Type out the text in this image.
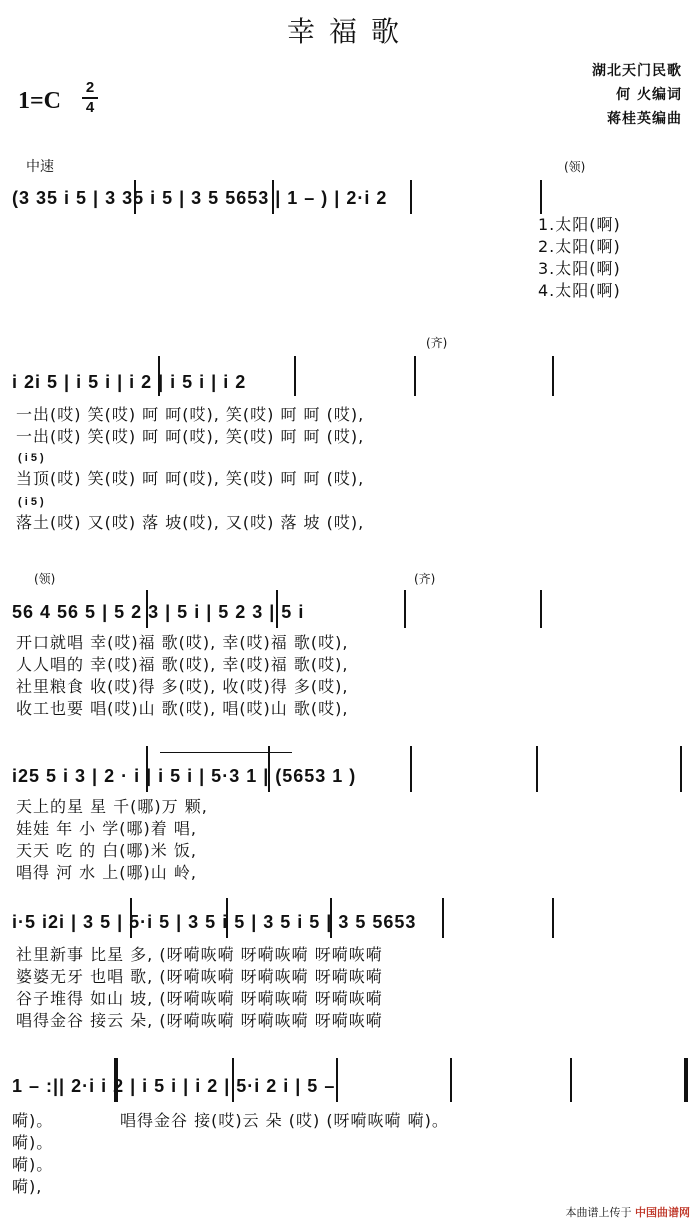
幸福歌
1=C
2
4
湖北天门民歌
何 火编词
蒋桂英编曲
中速	(领)
(3 35 i 5 | 3 35 i 5 | 3 5 5653 | 1 – ) | 2·i 2
1.太阳(啊)
2.太阳(啊)
3.太阳(啊)
4.太阳(啊)
(齐)
i 2i 5 | i 5 i | i 2 | i 5 i | i 2
一出(哎) 笑(哎) 呵 呵(哎), 笑(哎) 呵 呵 (哎),
一出(哎) 笑(哎) 呵 呵(哎), 笑(哎) 呵 呵 (哎),
( i 5 )
当顶(哎) 笑(哎) 呵 呵(哎), 笑(哎) 呵 呵 (哎),
( i 5 )
落土(哎) 又(哎) 落 坡(哎), 又(哎) 落 坡 (哎),
(领)	(齐)
56 4 56 5 | 5 2 3 | 5 i | 5 2 3 | 5 i
开口就唱 幸(哎)福 歌(哎), 幸(哎)福 歌(哎),
人人唱的 幸(哎)福 歌(哎), 幸(哎)福 歌(哎),
社里粮食 收(哎)得 多(哎), 收(哎)得 多(哎),
收工也要 唱(哎)山 歌(哎), 唱(哎)山 歌(哎),
i25 5 i 3 | 2 · i | i 5 i | 5·3 1 | (5653 1 )
天上的星 星 千(哪)万 颗,
娃娃 年 小 学(哪)着 唱,
天天 吃 的 白(哪)米 饭,
唱得 河 水 上(哪)山 岭,
i·5 i2i | 3 5 | 5·i 5 | 3 5 i 5 | 3 5 i 5 | 3 5 5653
社里新事 比星 多, (呀嗬咴嗬 呀嗬咴嗬 呀嗬咴嗬
婆婆无牙 也唱 歌, (呀嗬咴嗬 呀嗬咴嗬 呀嗬咴嗬
谷子堆得 如山 坡, (呀嗬咴嗬 呀嗬咴嗬 呀嗬咴嗬
唱得金谷 接云 朵, (呀嗬咴嗬 呀嗬咴嗬 呀嗬咴嗬
1 – :|| 2·i i 2 | i 5 i | i 2 | 5·i 2 i | 5 –
唱得金谷 接(哎)云 朵 (哎) (呀嗬咴嗬 嗬)。
嗬)。
嗬)。
嗬)。
嗬),
本曲谱上传于 中国曲谱网
